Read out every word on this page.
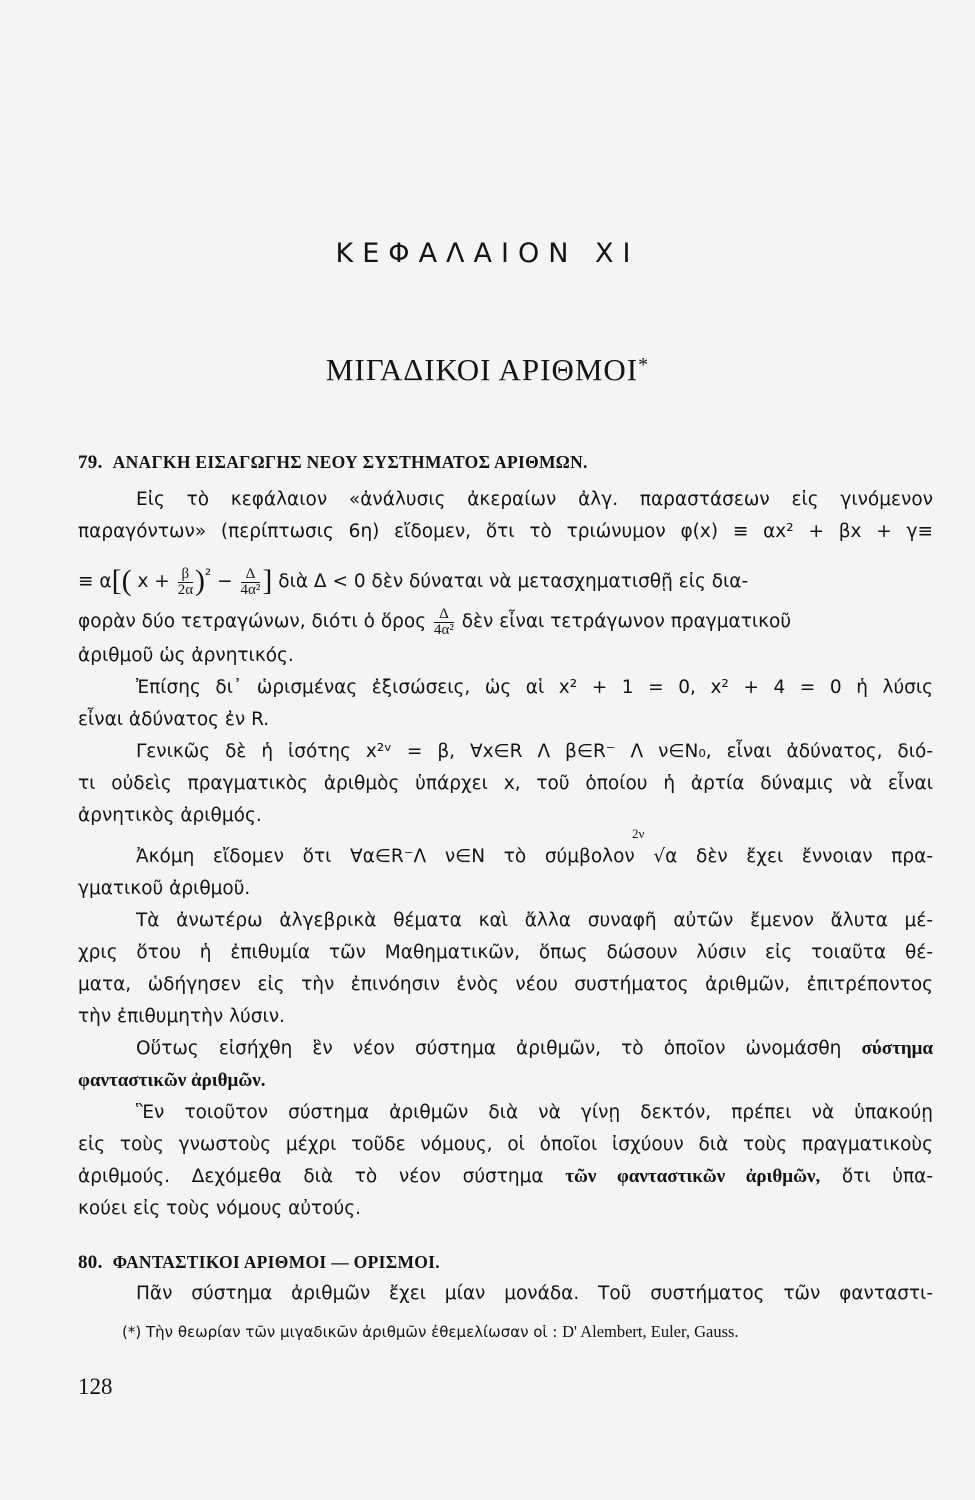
ΚΕΦΑΛΑΙΟΝ ΧΙ
ΜΙΓΑΔΙΚΟΙ ΑΡΙΘΜΟΙ*
79. ΑΝΑΓΚΗ ΕΙΣΑΓΩΓΗΣ ΝΕΟΥ ΣΥΣΤΗΜΑΤΟΣ ΑΡΙΘΜΩΝ.
Εἰς τὸ κεφάλαιον «ἀνάλυσις ἀκεραίων ἀλγ. παραστάσεων εἰς γινόμενον
παραγόντων» (περίπτωσις 6η) εἴδομεν, ὅτι τὸ τριώνυμον φ(x) ≡ αx² + βx + γ≡
≡ α[( $x + \frac{\beta}{2\alpha} )^{^2} - \frac{\Delta}{\text{4α²}}$ ] διὰ Δ < 0 δὲν δύναται νὰ μετασχηματισθῇ εἰς δια-
φορὰν δύο τετραγώνων, διότι ὁ ὅρος $\frac{\Delta}{\text{4α²}}$ δὲν εἶναι τετράγωνον πραγματικοῦ
ἀριθμοῦ ὡς ἀρνητικός.
Ἐπίσης δι᾽ ὡρισμένας ἐξισώσεις, ὡς αἱ x² + 1 = 0, x² + 4 = 0 ἡ λύσις
εἶναι ἀδύνατος ἐν R.
Γενικῶς δὲ ἡ ἰσότης x²ᵛ = β, ∀x∈R Λ β∈R⁻ Λ ν∈N₀, εἶναι ἀδύνατος, διό-
τι οὐδεὶς πραγματικὸς ἀριθμὸς ὑπάρχει x, τοῦ ὁποίου ἡ ἀρτία δύναμις νὰ εἶναι
ἀρνητικὸς ἀριθμός.
2ν
Ἀκόμη εἴδομεν ὅτι ∀α∈R⁻Λ ν∈N τὸ σύμβολον √α δὲν ἔχει ἔννοιαν πρα-
γματικοῦ ἀριθμοῦ.
Τὰ ἀνωτέρω ἀλγεβρικὰ θέματα καὶ ἄλλα συναφῆ αὐτῶν ἔμενον ἄλυτα μέ-
χρις ὅτου ἡ ἐπιθυμία τῶν Μαθηματικῶν, ὅπως δώσουν λύσιν εἰς τοιαῦτα θέ-
ματα, ὡδήγησεν εἰς τὴν ἐπινόησιν ἑνὸς νέου συστήματος ἀριθμῶν, ἐπιτρέποντος
τὴν ἐπιθυμητὴν λύσιν.
Οὕτως εἰσήχθη ἓν νέον σύστημα ἀριθμῶν, τὸ ὁποῖον ὠνομάσθη σύστημα
φανταστικῶν ἀριθμῶν.
Ἓν τοιοῦτον σύστημα ἀριθμῶν διὰ νὰ γίνῃ δεκτόν, πρέπει νὰ ὑπακούῃ
εἰς τοὺς γνωστοὺς μέχρι τοῦδε νόμους, οἱ ὁποῖοι ἰσχύουν διὰ τοὺς πραγματικοὺς
ἀριθμούς. Δεχόμεθα διὰ τὸ νέον σύστημα τῶν φανταστικῶν ἀριθμῶν, ὅτι ὑπα-
κούει εἰς τοὺς νόμους αὐτούς.
80. ΦΑΝΤΑΣΤΙΚΟΙ ΑΡΙΘΜΟΙ — ΟΡΙΣΜΟΙ.
Πᾶν σύστημα ἀριθμῶν ἔχει μίαν μονάδα. Τοῦ συστήματος τῶν φανταστι-
(*) Τὴν θεωρίαν τῶν μιγαδικῶν ἀριθμῶν ἐθεμελίωσαν οἱ : D' Alembert, Euler, Gauss.
128
